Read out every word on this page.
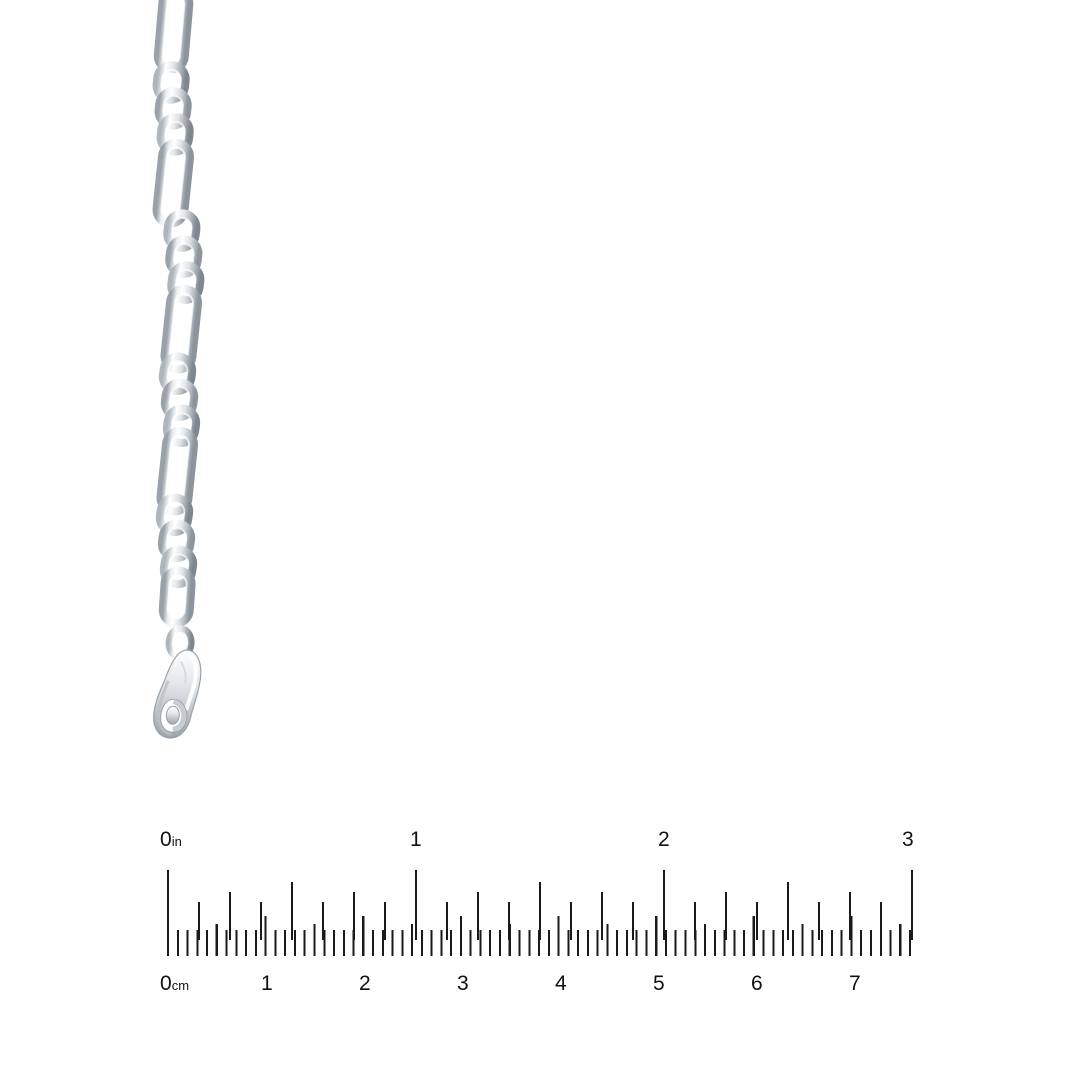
0in	1	2	3
0cm	1	2	3	4	5	6	7
